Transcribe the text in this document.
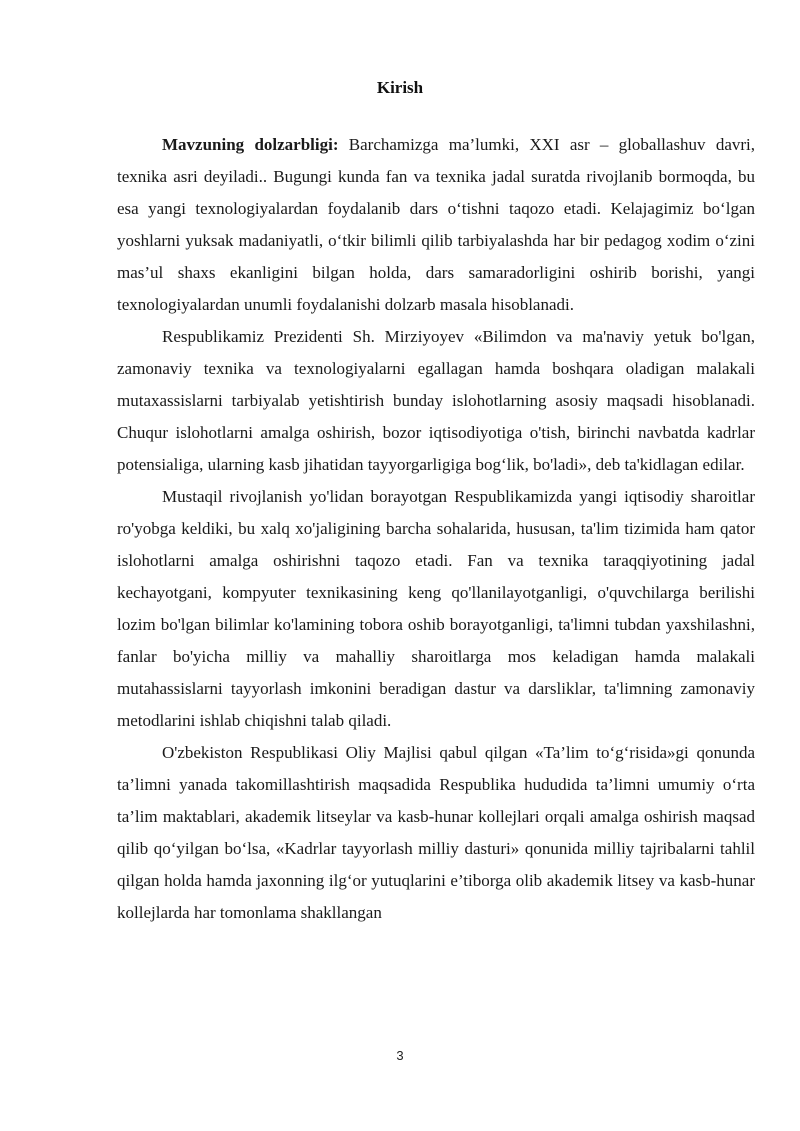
Kirish

Mavzuning dolzarbligi: Barchamizga ma’lumki, XXI asr – globallashuv davri, texnika asri deyiladi.. Bugungi kunda fan va texnika jadal suratda rivojlanib bormoqda, bu esa yangi texnologiyalardan foydalanib dars o‘tishni taqozo etadi. Kelajagimiz bo‘lgan yoshlarni yuksak madaniyatli, o‘tkir bilimli qilib tarbiyalashda har bir pedagog xodim o‘zini mas’ul shaxs ekanligini bilgan holda, dars samaradorligini oshirib borishi, yangi texnologiyalardan unumli foydalanishi dolzarb masala hisoblanadi.

Respublikamiz Prezidenti Sh. Mirziyoyev «Bilimdon va ma'naviy yetuk bo'lgan, zamonaviy texnika va texnologiyalarni egallagan hamda boshqara oladigan malakali mutaxassislarni tarbiyalab yetishtirish bunday islohotlarning asosiy maqsadi hisoblanadi. Chuqur islohotlarni amalga oshirish, bozor iqtisodiyotiga o'tish, birinchi navbatda kadrlar potensialiga, ularning kasb jihatidan tayyorgarligiga bog‘lik, bo'ladi», deb ta'kidlagan edilar.

Mustaqil rivojlanish yo'lidan borayotgan Respublikamizda yangi iqtisodiy sharoitlar ro'yobga keldiki, bu xalq xo'jaligining barcha sohalarida, hususan, ta'lim tizimida ham qator islohotlarni amalga oshirishni taqozo etadi. Fan va texnika taraqqiyotining jadal kechayotgani, kompyuter texnikasining keng qo'llanilayotganligi, o'quvchilarga berilishi lozim bo'lgan bilimlar ko'lamining tobora oshib borayotganligi, ta'limni tubdan yaxshilashni, fanlar bo'yicha milliy va mahalliy sharoitlarga mos keladigan hamda malakali mutahassislarni tayyorlash imkonini beradigan dastur va darsliklar, ta'limning zamonaviy metodlarini ishlab chiqishni talab qiladi.

O'zbekiston Respublikasi Oliy Majlisi qabul qilgan «Ta’lim to‘g‘risida»gi qonunda ta’limni yanada takomillashtirish maqsadida Respublika hududida ta’limni umumiy o‘rta ta’lim maktablari, akademik litseylar va kasb-hunar kollejlari orqali amalga oshirish maqsad qilib qo‘yilgan bo‘lsa, «Kadrlar tayyorlash milliy dasturi» qonunida milliy tajribalarni tahlil qilgan holda hamda jaxonning ilg‘or yutuqlarini e’tiborga olib akademik litsey va kasb-hunar kollejlarda har tomonlama shakllangan

3
